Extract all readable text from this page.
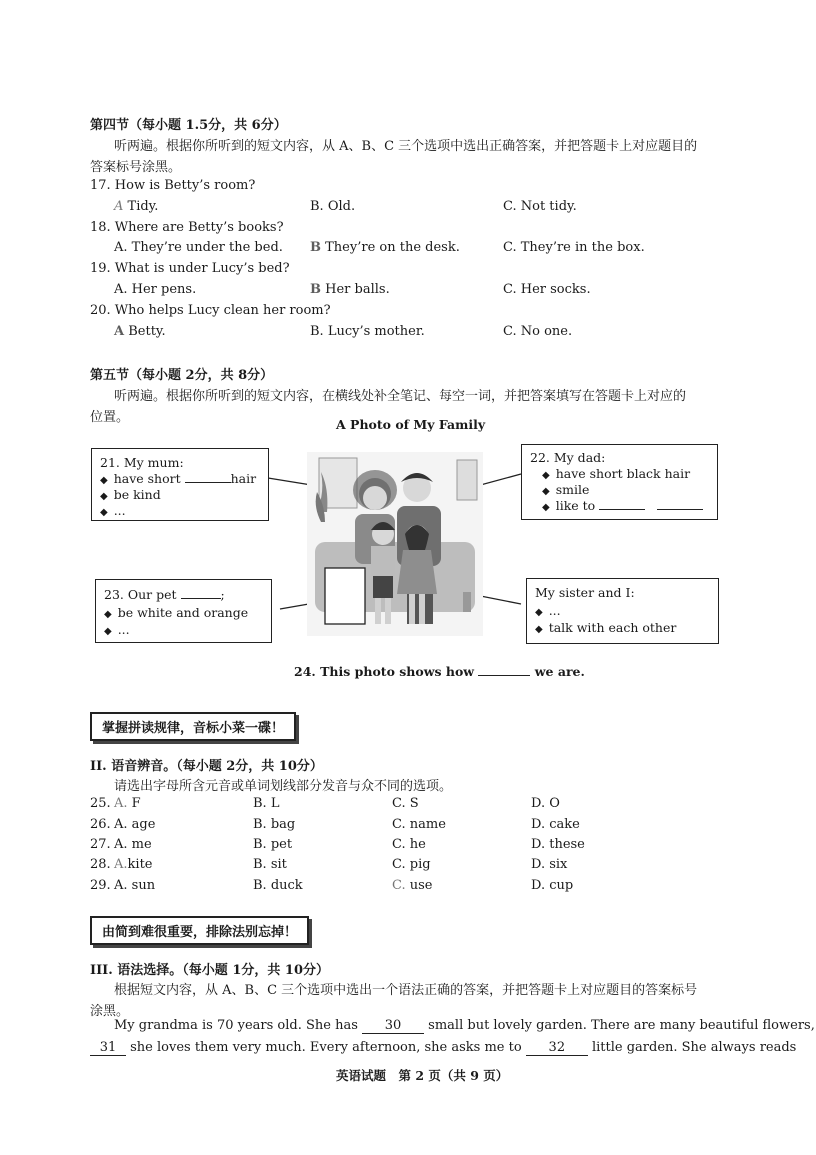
第四节（每小题 1.5分，共 6分）
听两遍。根据你所听到的短文内容，从 A、B、C 三个选项中选出正确答案，并把答题卡上对应题目的
答案标号涂黑。
17. How is Betty’s room?
A Tidy.	B. Old.	C. Not tidy.
18. Where are Betty’s books?
A. They’re under the bed. B They’re on the desk.	C. They’re in the box.
19. What is under Lucy’s bed?
A. Her pens.	B Her balls.	C. Her socks.
20. Who helps Lucy clean her room?
A Betty.	B. Lucy’s mother.	C. No one.
第五节（每小题 2分，共 8分）
听两遍。根据你所听到的短文内容，在横线处补全笔记、每空一词，并把答案填写在答题卡上对应的
位置。	A Photo of My Family
21. My mum:
◆ have short	hair
◆ be kind
◆ ...
22. My dad:
◆ have short black hair
◆ smile
◆ like to
23. Our pet	;
◆ be white and orange
◆ ...
My sister and I:
◆ ...
◆ talk with each other
24. This photo shows how	we are.
掌握拼读规律，音标小菜一碟！
II. 语音辨音。（每小题 2分，共 10分）
请选出字母所含元音或单词划线部分发音与众不同的选项。
25. A. F	B. L	C. S	D. O
26. A. age	B. bag	C. name	D. cake
27. A. me	B. pet	C. he	D. these
28. A.kite	B. sit	C. pig	D. six
29. A. sun	B. duck	C. use	D. cup
由简到难很重要，排除法别忘掉！
III. 语法选择。（每小题 1分，共 10分）
根据短文内容，从 A、B、C 三个选项中选出一个语法正确的答案，并把答题卡上对应题目的答案标号
涂黑。
My grandma is 70 years old. She has 30 small but lovely garden. There are many beautiful flowers,
31 she loves them very much. Every afternoon, she asks me to 32 little garden. She always reads
英语试题　第 2 页（共 9 页）
